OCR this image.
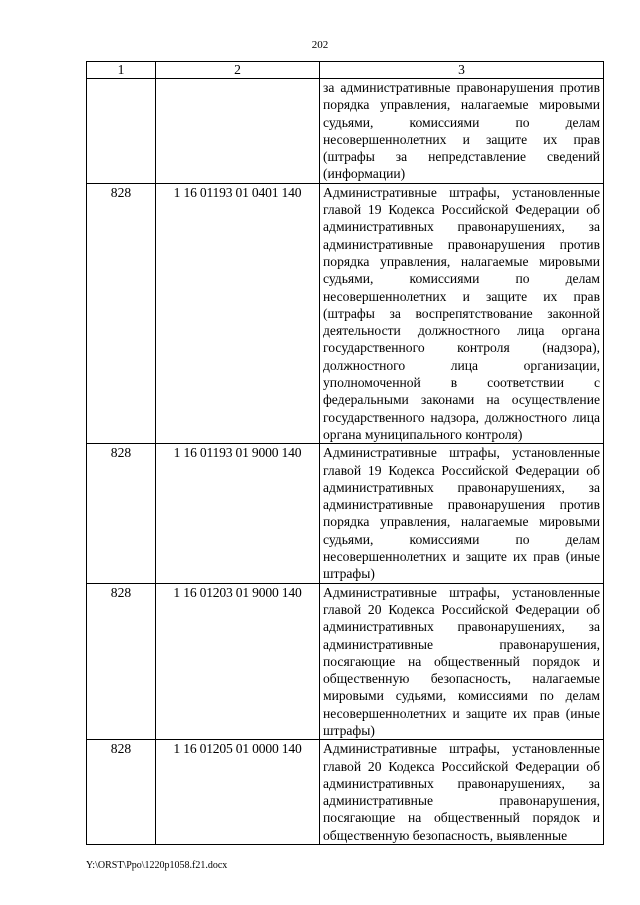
202
1	2	3
		за административные правонарушения против порядка управления, налагаемые мировыми судьями, комиссиями по делам несовершеннолетних и защите их прав (штрафы за непредставление сведений (информации)
828	1 16 01193 01 0401 140	Административные штрафы, установленные главой 19 Кодекса Российской Федерации об административных правонарушениях, за административные правонарушения против порядка управления, налагаемые мировыми судьями, комиссиями по делам несовершеннолетних и защите их прав (штрафы за воспрепятствование законной деятельности должностного лица органа государственного контроля (надзора), должностного лица организации, уполномоченной в соответствии с федеральными законами на осуществление государственного надзора, должностного лица органа муниципального контроля)
828	1 16 01193 01 9000 140	Административные штрафы, установленные главой 19 Кодекса Российской Федерации об административных правонарушениях, за административные правонарушения против порядка управления, налагаемые мировыми судьями, комиссиями по делам несовершеннолетних и защите их прав (иные штрафы)
828	1 16 01203 01 9000 140	Административные штрафы, установленные главой 20 Кодекса Российской Федерации об административных правонарушениях, за административные правонарушения, посягающие на общественный порядок и общественную безопасность, налагаемые мировыми судьями, комиссиями по делам несовершеннолетних и защите их прав (иные штрафы)
828	1 16 01205 01 0000 140	Административные штрафы, установленные главой 20 Кодекса Российской Федерации об административных правонарушениях, за административные правонарушения, посягающие на общественный порядок и общественную безопасность, выявленные
Y:\ORST\Ppo\1220p1058.f21.docx
